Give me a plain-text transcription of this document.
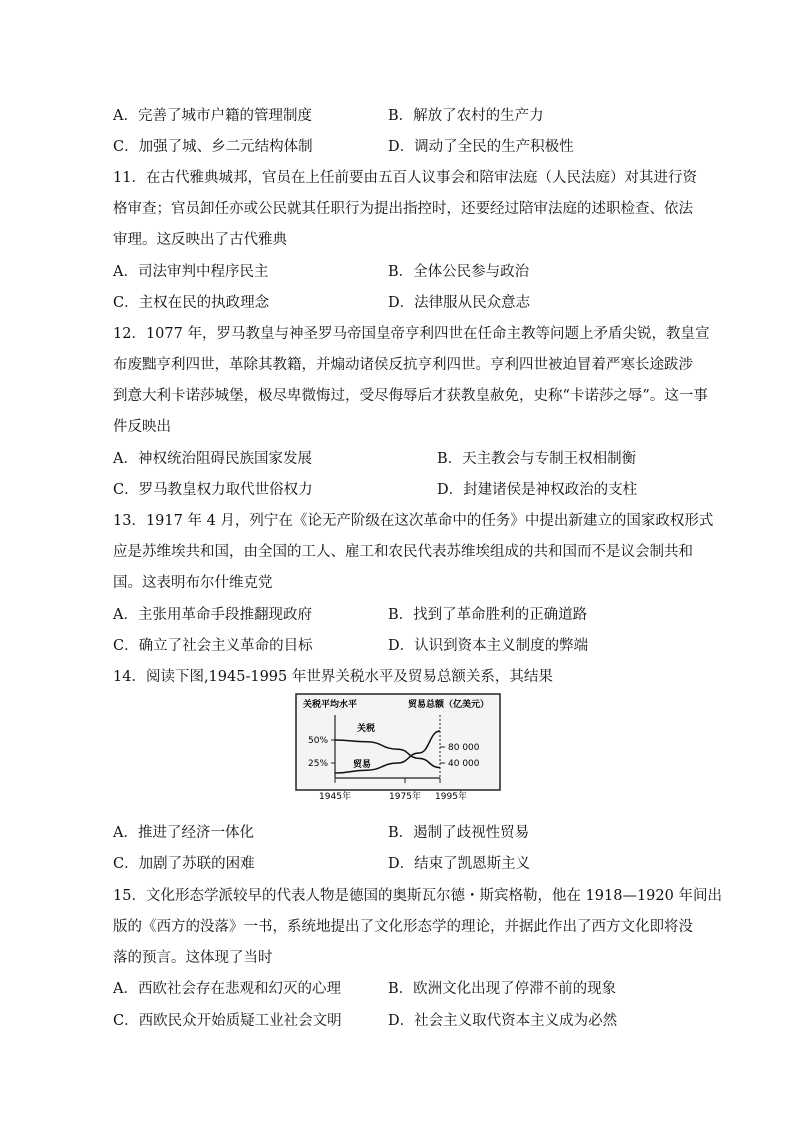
A．完善了城市户籍的管理制度	B．解放了农村的生产力
C．加强了城、乡二元结构体制	D．调动了全民的生产积极性
11．在古代雅典城邦，官员在上任前要由五百人议事会和陪审法庭（人民法庭）对其进行资
格审查；官员卸任亦或公民就其任职行为提出指控时，还要经过陪审法庭的述职检查、依法
审理。这反映出了古代雅典
A．司法审判中程序民主	B．全体公民参与政治
C．主权在民的执政理念	D．法律服从民众意志
12．1077 年，罗马教皇与神圣罗马帝国皇帝亨利四世在任命主教等问题上矛盾尖锐，教皇宣
布废黜亨利四世，革除其教籍，并煽动诸侯反抗亨利四世。亨利四世被迫冒着严寒长途跋涉
到意大利卡诺莎城堡，极尽卑微悔过，受尽侮辱后才获教皇赦免，史称“卡诺莎之辱”。这一事
件反映出
A．神权统治阻碍民族国家发展	B．天主教会与专制王权相制衡
C．罗马教皇权力取代世俗权力	D．封建诸侯是神权政治的支柱
13．1917 年 4 月，列宁在《论无产阶级在这次革命中的任务》中提出新建立的国家政权形式
应是苏维埃共和国，由全国的工人、雇工和农民代表苏维埃组成的共和国而不是议会制共和
国。这表明布尔什维克党
A．主张用革命手段推翻现政府	B．找到了革命胜利的正确道路
C．确立了社会主义革命的目标	D．认识到资本主义制度的弊端
14．阅读下图,1945-1995 年世界关税水平及贸易总额关系，其结果
关税平均水平	贸易总额（亿美元）
50%
25%
80 000
40 000
关税
贸易
1945年	1975年 1995年
A．推进了经济一体化	B．遏制了歧视性贸易
C．加剧了苏联的困难	D．结束了凯恩斯主义
15．文化形态学派较早的代表人物是德国的奥斯瓦尔德・斯宾格勒，他在 1918—1920 年间出
版的《西方的没落》一书，系统地提出了文化形态学的理论，并据此作出了西方文化即将没
落的预言。这体现了当时
A．西欧社会存在悲观和幻灭的心理	B．欧洲文化出现了停滞不前的现象
C．西欧民众开始质疑工业社会文明	D．社会主义取代资本主义成为必然
